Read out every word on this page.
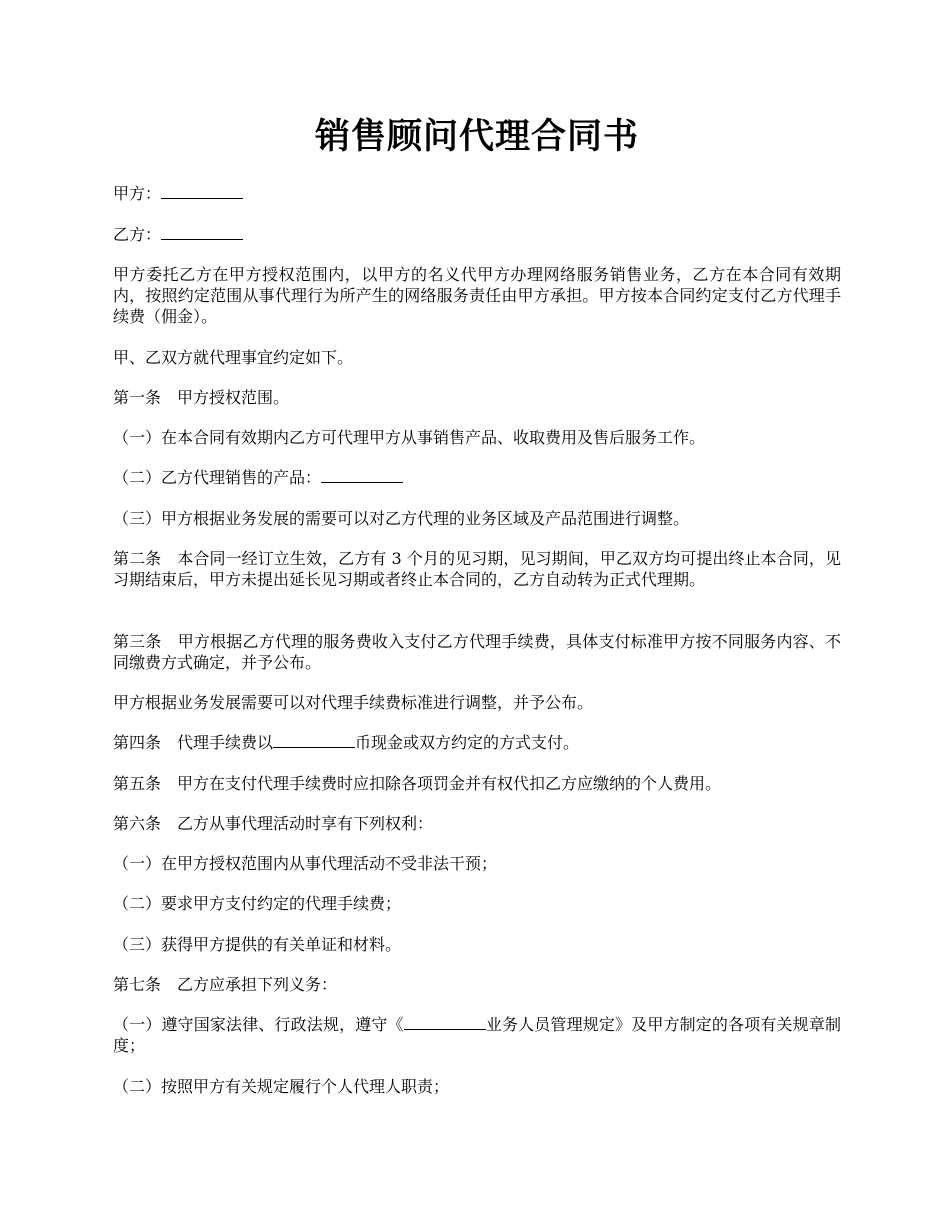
销售顾问代理合同书
甲方：
乙方：
甲方委托乙方在甲方授权范围内，以甲方的名义代甲方办理网络服务销售业务，乙方在本合同有效期内，按照约定范围从事代理行为所产生的网络服务责任由甲方承担。甲方按本合同约定支付乙方代理手续费（佣金）。
甲、乙双方就代理事宜约定如下。
第一条　甲方授权范围。
（一）在本合同有效期内乙方可代理甲方从事销售产品、收取费用及售后服务工作。
（二）乙方代理销售的产品：
（三）甲方根据业务发展的需要可以对乙方代理的业务区域及产品范围进行调整。
第二条　本合同一经订立生效，乙方有 3 个月的见习期，见习期间，甲乙双方均可提出终止本合同，见习期结束后，甲方未提出延长见习期或者终止本合同的，乙方自动转为正式代理期。
第三条　甲方根据乙方代理的服务费收入支付乙方代理手续费，具体支付标准甲方按不同服务内容、不同缴费方式确定，并予公布。
甲方根据业务发展需要可以对代理手续费标准进行调整，并予公布。
第四条　代理手续费以	币现金或双方约定的方式支付。
第五条　甲方在支付代理手续费时应扣除各项罚金并有权代扣乙方应缴纳的个人费用。
第六条　乙方从事代理活动时享有下列权利：
（一）在甲方授权范围内从事代理活动不受非法干预；
（二）要求甲方支付约定的代理手续费；
（三）获得甲方提供的有关单证和材料。
第七条　乙方应承担下列义务：
（一）遵守国家法律、行政法规，遵守《	业务人员管理规定》及甲方制定的各项有关规章制度；
（二）按照甲方有关规定履行个人代理人职责；
